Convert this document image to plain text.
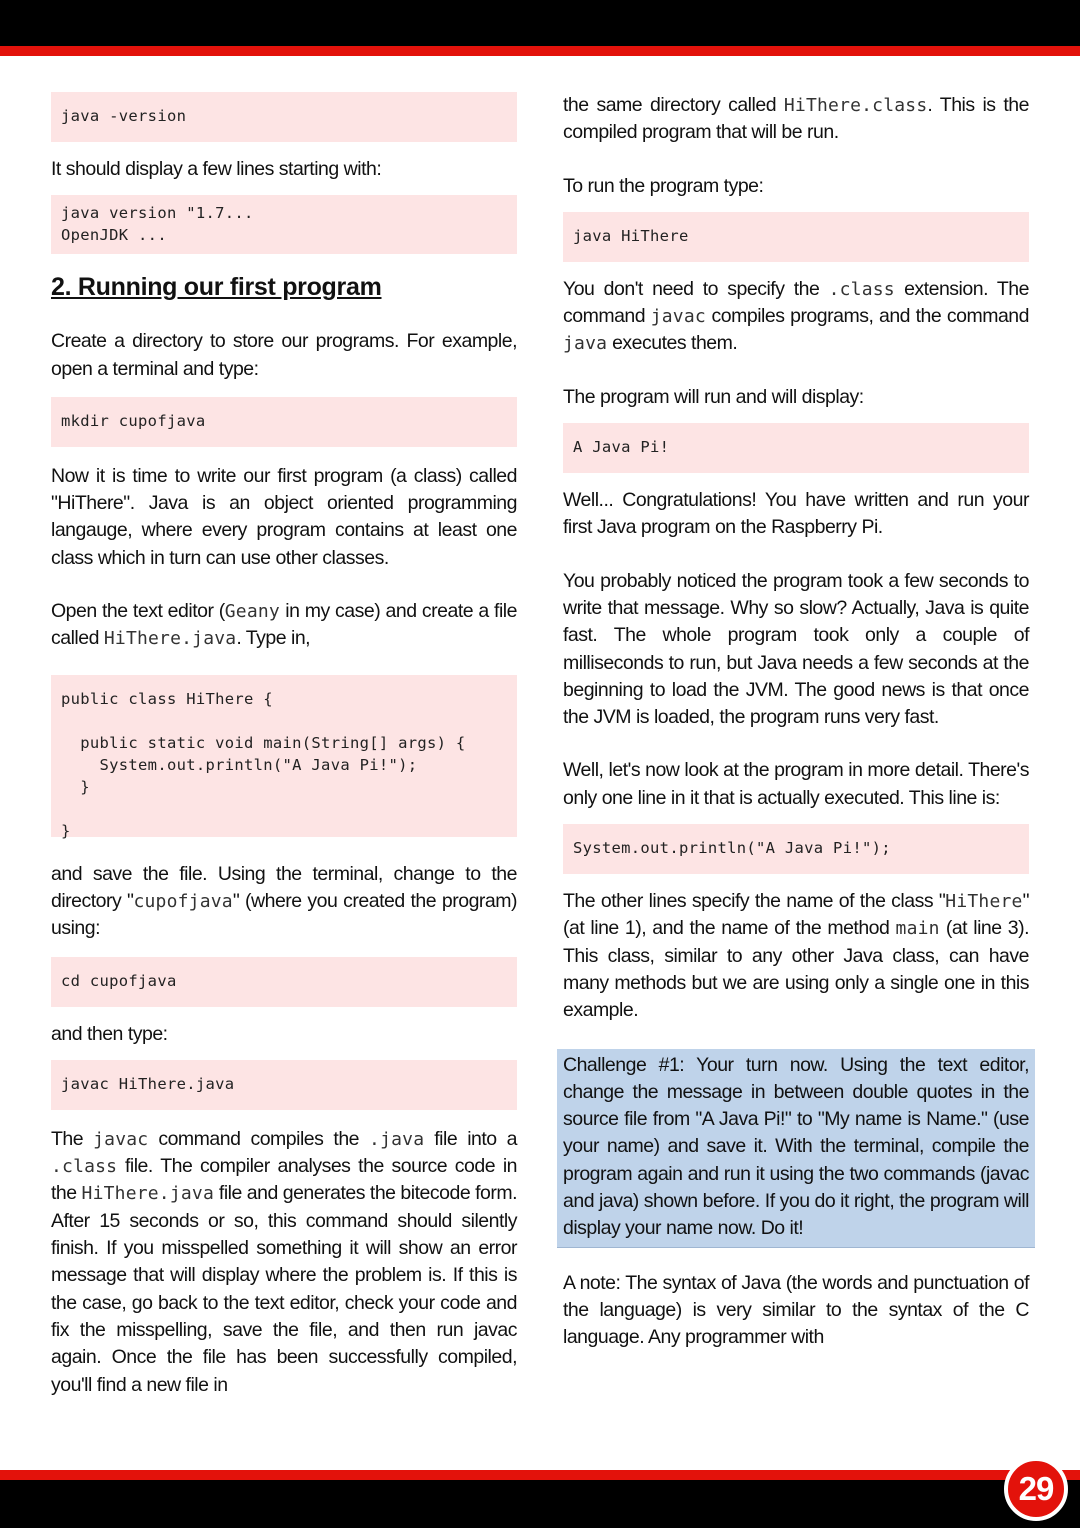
java -version

It should display a few lines starting with:

java version "1.7...
OpenJDK ...
2. Running our first program

Create a directory to store our programs. For example, open a terminal and type:

mkdir cupofjava

Now it is time to write our first program (a class) called "HiThere". Java is an object oriented programming langauge, where every program contains at least one class which in turn can use other classes.

Open the text editor (Geany in my case) and create a file called HiThere.java. Type in,

public class HiThere {

public static void main(String[] args) {
System.out.println("A Java Pi!");
}

}

and save the file. Using the terminal, change to the directory "cupofjava" (where you created the program) using:

cd cupofjava

and then type:

javac HiThere.java

The javac command compiles the .java file into a .class file. The compiler analyses the source code in the HiThere.java file and generates the bitecode form. After 15 seconds or so, this command should silently finish. If you misspelled something it will show an error message that will display where the problem is. If this is the case, go back to the text editor, check your code and fix the misspelling, save the file, and then run javac again. Once the file has been successfully compiled, you'll find a new file in

the same directory called HiThere.class. This is the compiled program that will be run.

To run the program type:

java HiThere

You don't need to specify the .class extension. The command javac compiles programs, and the command java executes them.

The program will run and will display:

A Java Pi!

Well... Congratulations! You have written and run your first Java program on the Raspberry Pi.

You probably noticed the program took a few seconds to write that message. Why so slow? Actually, Java is quite fast. The whole program took only a couple of milliseconds to run, but Java needs a few seconds at the beginning to load the JVM. The good news is that once the JVM is loaded, the program runs very fast.

Well, let's now look at the program in more detail. There's only one line in it that is actually executed. This line is:

System.out.println("A Java Pi!");

The other lines specify the name of the class "HiThere" (at line 1), and the name of the method main (at line 3). This class, similar to any other Java class, can have many methods but we are using only a single one in this example.

Challenge #1: Your turn now. Using the text editor, change the message in between double quotes in the source file from "A Java Pi!" to "My name is Name." (use your name) and save it. With the terminal, compile the program again and run it using the two commands (javac and java) shown before. If you do it right, the program will display your name now. Do it!

A note: The syntax of Java (the words and punctuation of the language) is very similar to the syntax of the C language. Any programmer with

29
